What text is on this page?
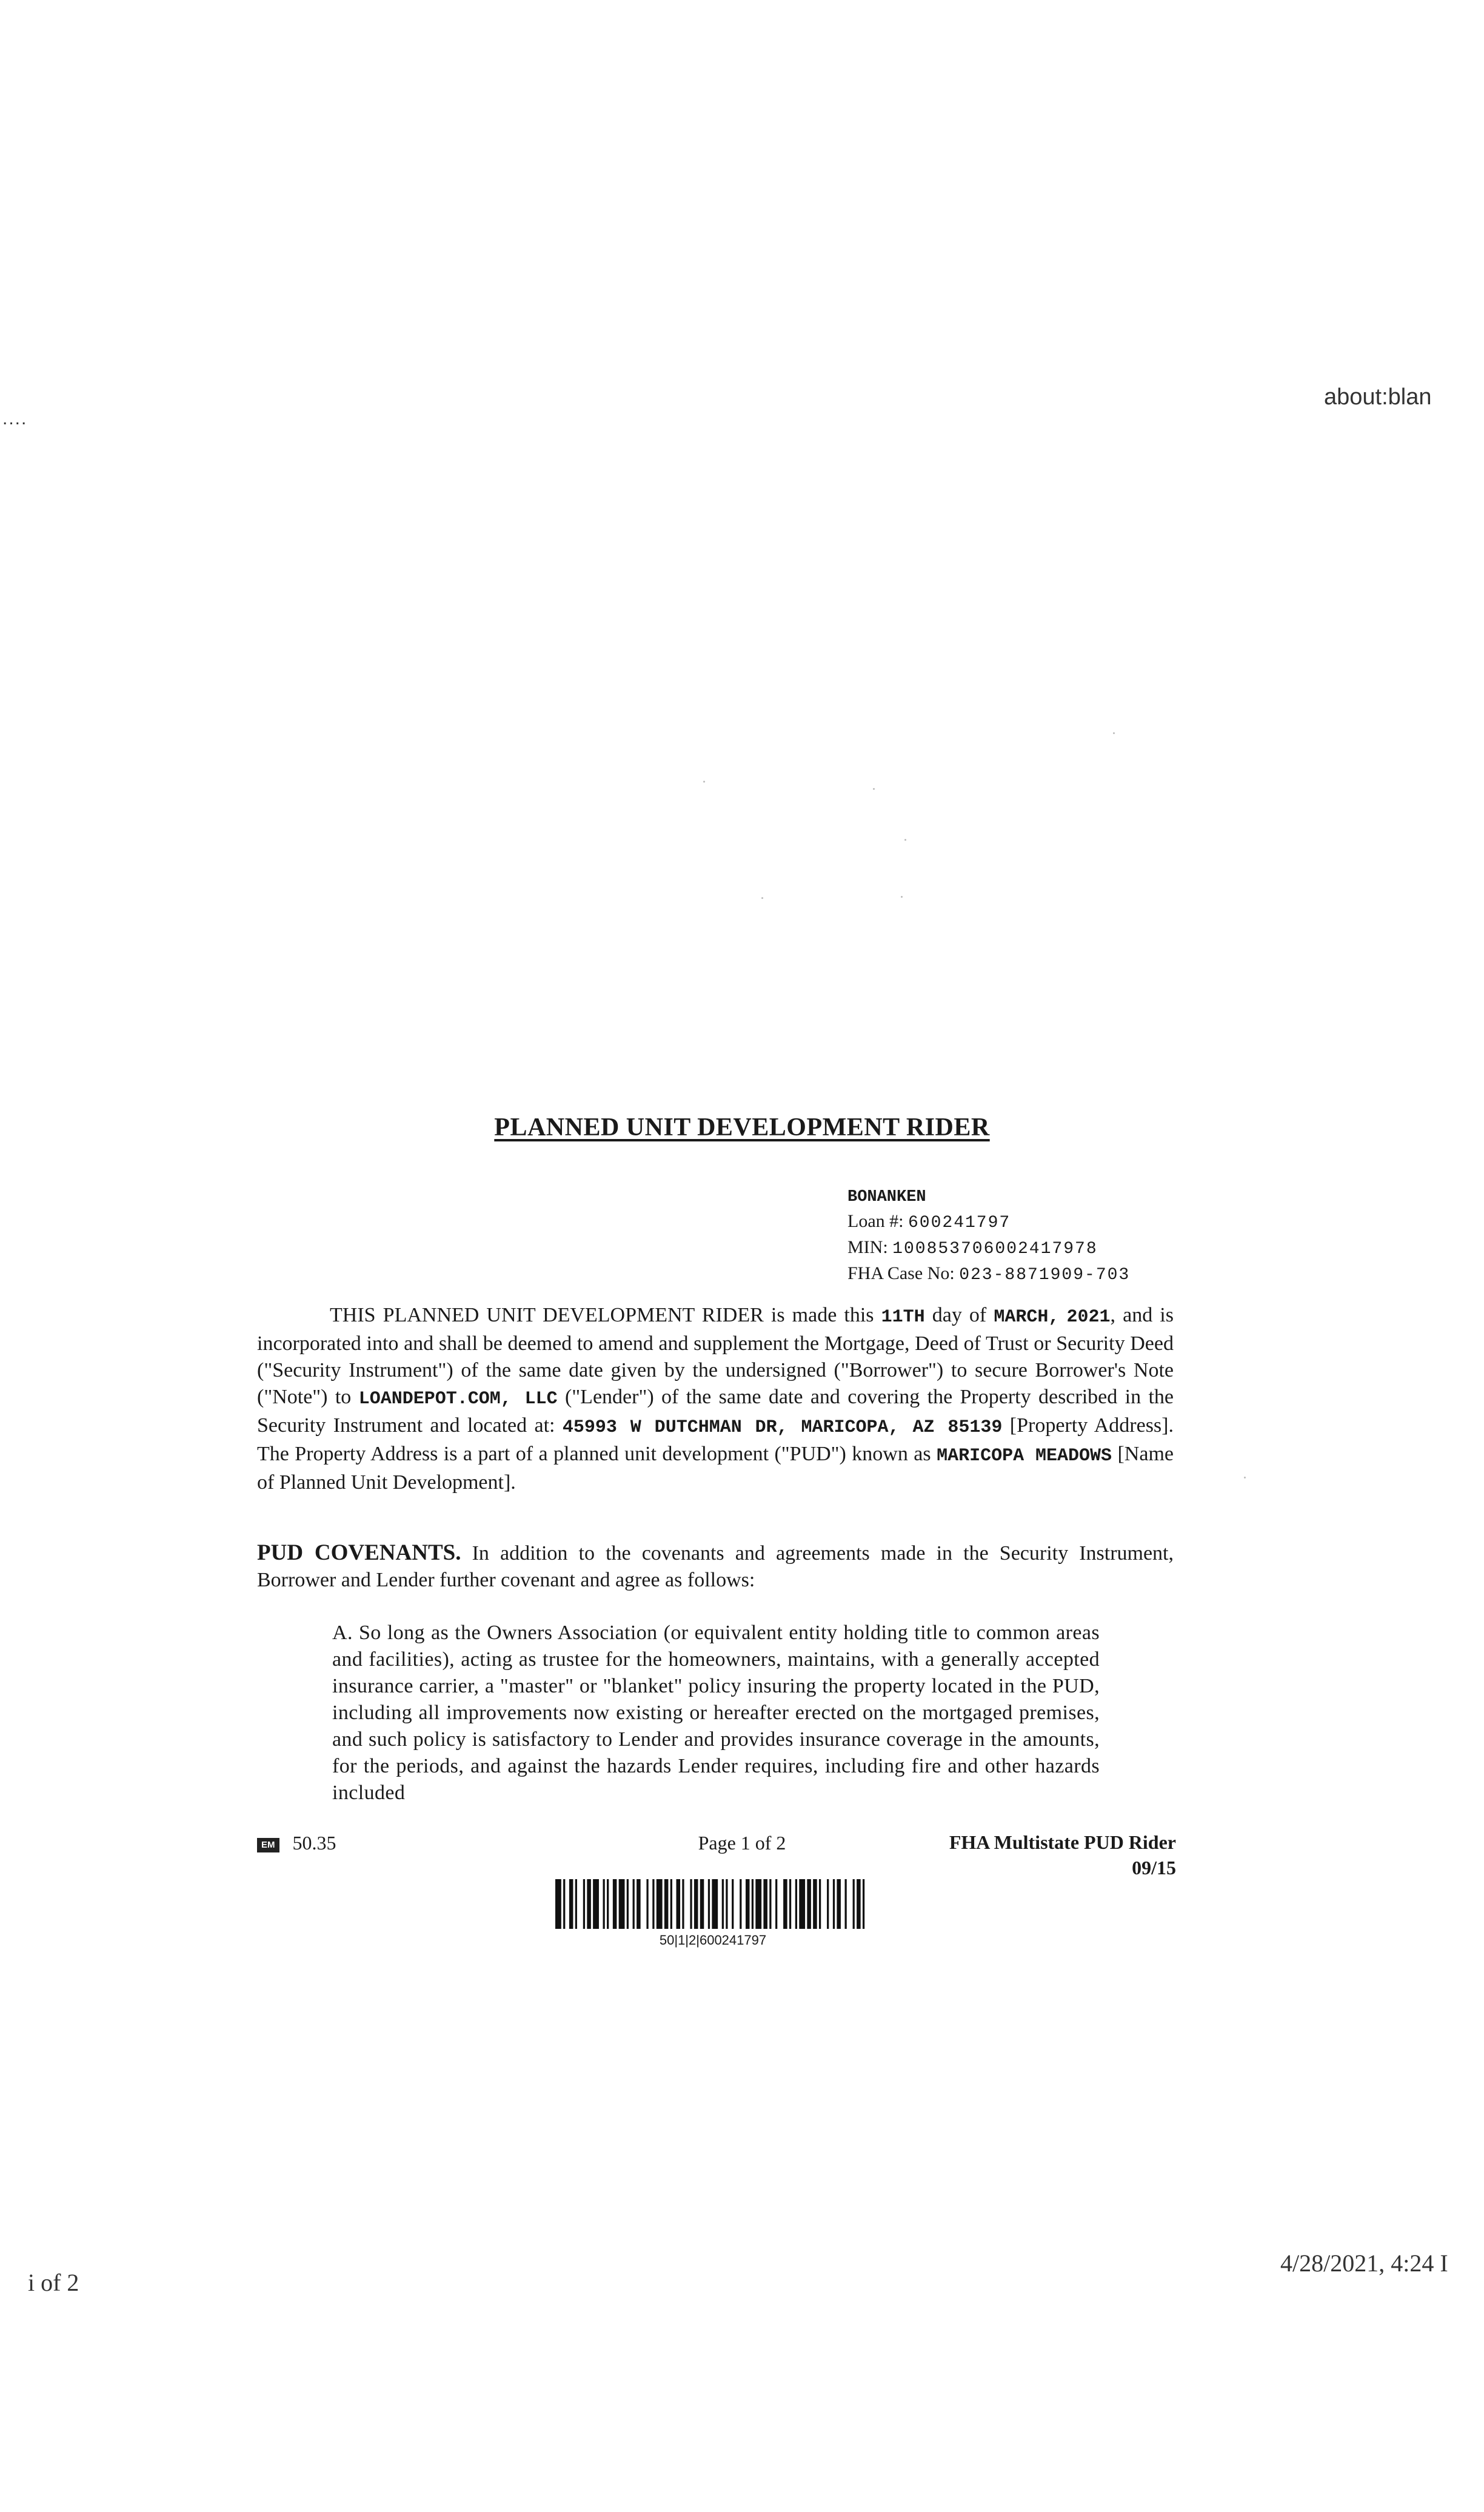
....
about:blan
PLANNED UNIT DEVELOPMENT RIDER
BONANKEN
Loan #: 600241797
MIN: 100853706002417978
FHA Case No: 023-8871909-703

THIS PLANNED UNIT DEVELOPMENT RIDER is made this 11TH day of MARCH, 2021, and is incorporated into and shall be deemed to amend and supplement the Mortgage, Deed of Trust or Security Deed ("Security Instrument") of the same date given by the undersigned ("Borrower") to secure Borrower's Note ("Note") to LOANDEPOT.COM, LLC ("Lender") of the same date and covering the Property described in the Security Instrument and located at: 45993 W DUTCHMAN DR, MARICOPA, AZ 85139 [Property Address]. The Property Address is a part of a planned unit development ("PUD") known as MARICOPA MEADOWS [Name of Planned Unit Development].

PUD COVENANTS. In addition to the covenants and agreements made in the Security Instrument, Borrower and Lender further covenant and agree as follows:

A. So long as the Owners Association (or equivalent entity holding title to common areas and facilities), acting as trustee for the homeowners, maintains, with a generally accepted insurance carrier, a "master" or "blanket" policy insuring the property located in the PUD, including all improvements now existing or hereafter erected on the mortgaged premises, and such policy is satisfactory to Lender and provides insurance coverage in the amounts, for the periods, and against the hazards Lender requires, including fire and other hazards included

EM 50.35	Page 1 of 2	FHA Multistate PUD Rider
09/15
50|1|2|600241797
i of 2
4/28/2021, 4:24 I
